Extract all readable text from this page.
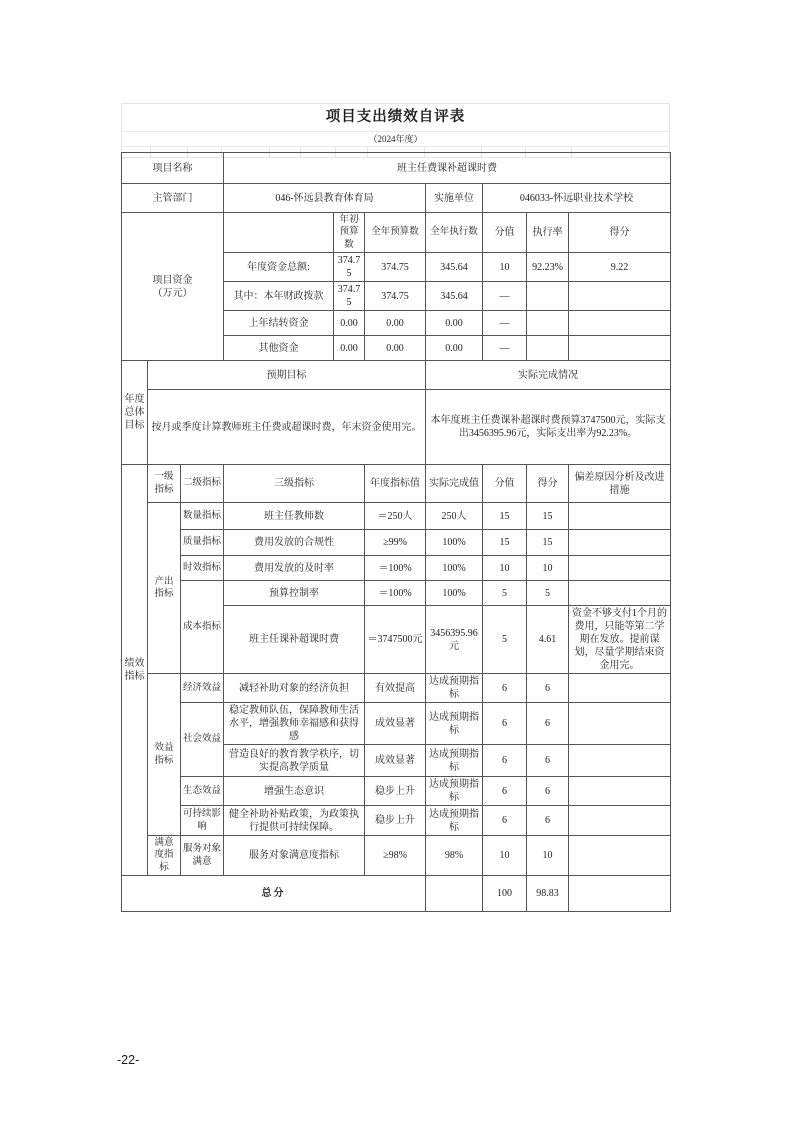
项目支出绩效自评表
（2024年度）
项目名称			班主任费课补超课时费						
主管部门			046-怀远县教育体育局			实施单位	046033-怀远职业技术学校		

项目资金
（万元）				年初预算数	全年预算数	全年执行数	分值	执行率	得分
			年度资金总额:	374.75	374.75	345.64	10	92.23%	9.22
			其中：本年财政拨款	374.75	374.75	345.64	—		
			上年结转资金	0.00	0.00	0.00	—		
			其他资金	0.00	0.00	0.00	—		
年度总体目标	预期目标					实际完成情况			
	按月或季度计算教师班主任费或超课时费，年末资金使用完。					本年度班主任费课补超课时费预算3747500元，实际支出3456395.96元，实际支出率为92.23%。			
绩效指标	一级指标	二级指标	三级指标		年度指标值	实际完成值	分值	得分	偏差原因分析及改进措施
	产出指标	数量指标	班主任教师数		＝250人	250人	15	15	
		质量指标	费用发放的合规性		≥99%	100%	15	15	
		时效指标	费用发放的及时率		＝100%	100%	10	10	
		成本指标	预算控制率		＝100%	100%	5	5	
			班主任课补超课时费		＝3747500元	3456395.96元	5	4.61	资金不够支付1个月的费用，只能等第二学期在发放。提前谋划，尽量学期结束资金用完。
	效益指标	经济效益	减轻补助对象的经济负担		有效提高	达成预期指标	6	6	
		社会效益	稳定教师队伍，保障教师生活水平，增强教师幸福感和获得感		成效显著	达成预期指标	6	6	
			营造良好的教育教学秩序，切实提高教学质量		成效显著	达成预期指标	6	6	
		生态效益	增强生态意识		稳步上升	达成预期指标	6	6	
		可持续影响	健全补助补贴政策，为政策执行提供可持续保障。		稳步上升	达成预期指标	6	6	
	满意度指标	服务对象满意	服务对象满意度指标		≥98%	98%	10	10	
总分							100	98.83	
-22-
